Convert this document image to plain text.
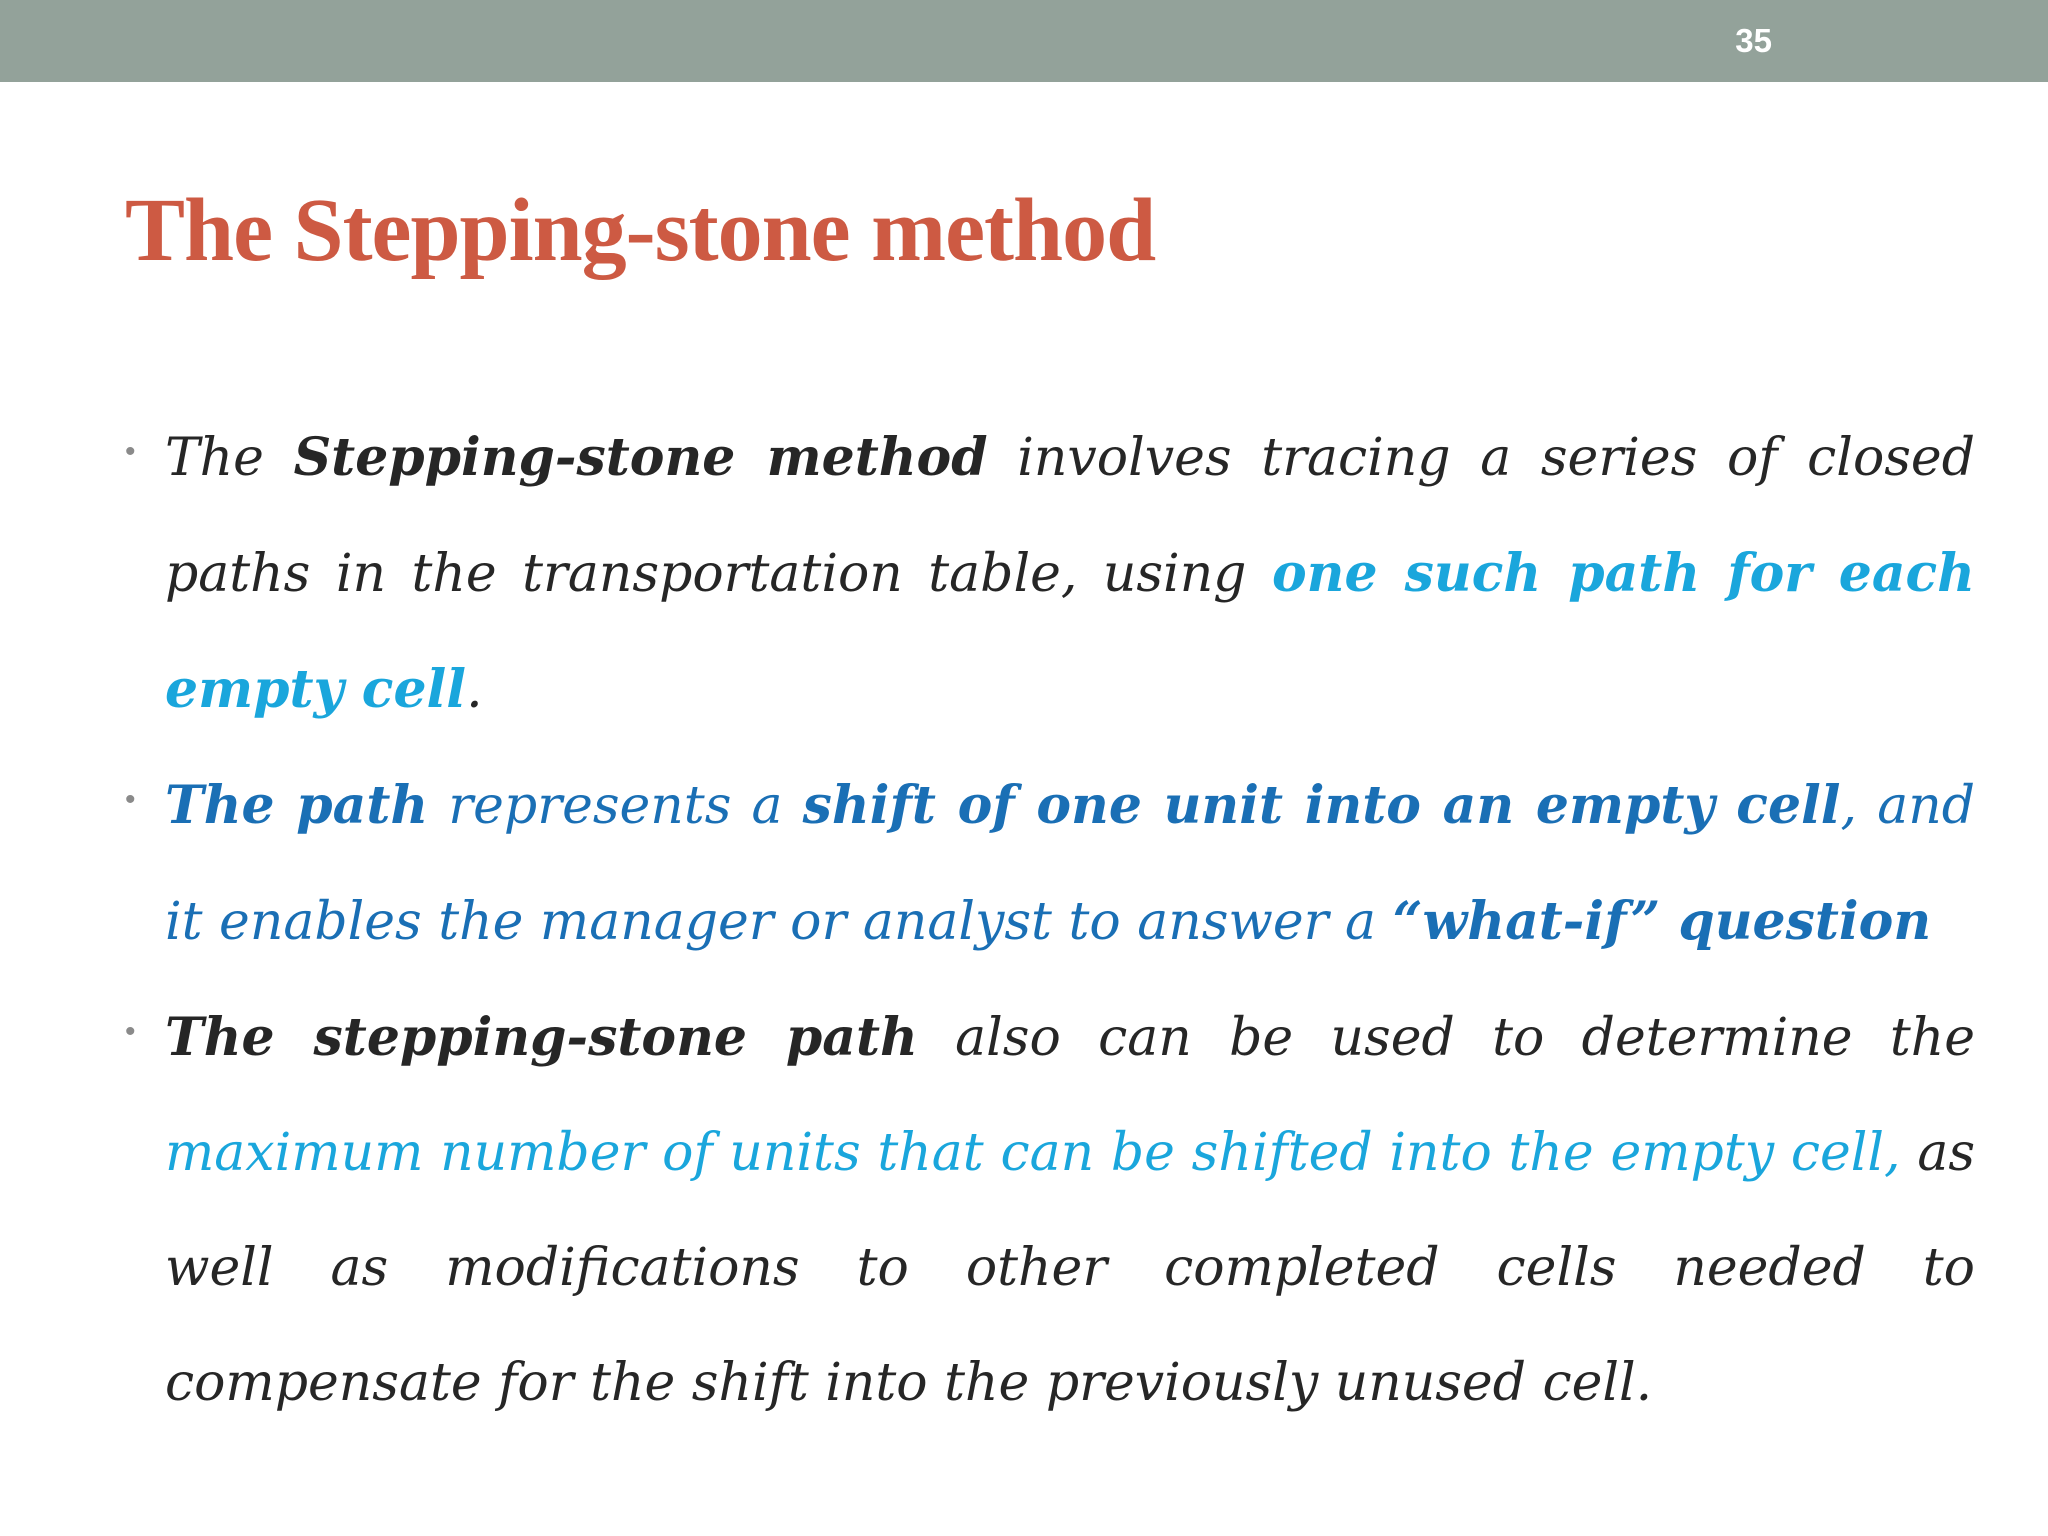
35
The Stepping-stone method
• The Stepping-stone method involves tracing a series of closed paths in the transportation table, using one such path for each empty cell.
• The path represents a shift of one unit into an empty cell, and it enables the manager or analyst to answer a “what-if” question
• The stepping-stone path also can be used to determine the maximum number of units that can be shifted into the empty cell, as well as modifications to other completed cells needed to compensate for the shift into the previously unused cell.
